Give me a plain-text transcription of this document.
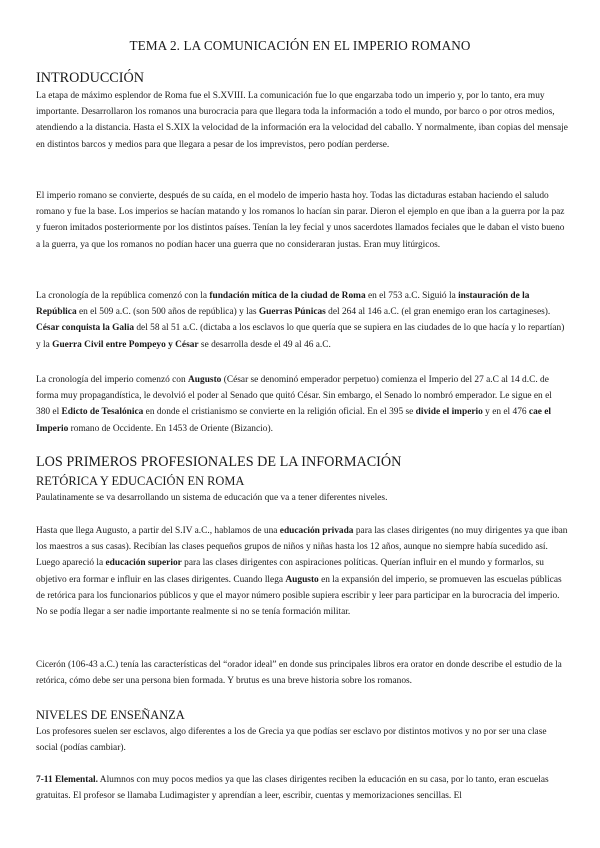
TEMA 2. LA COMUNICACIÓN EN EL IMPERIO ROMANO
INTRODUCCIÓN

La etapa de máximo esplendor de Roma fue el S.XVIII. La comunicación fue lo que engarzaba todo un imperio y, por lo tanto, era muy importante. Desarrollaron los romanos una burocracia para que llegara toda la información a todo el mundo, por barco o por otros medios, atendiendo a la distancia. Hasta el S.XIX la velocidad de la información era la velocidad del caballo. Y normalmente, iban copias del mensaje en distintos barcos y medios para que llegara a pesar de los imprevistos, pero podían perderse.

El imperio romano se convierte, después de su caída, en el modelo de imperio hasta hoy. Todas las dictaduras estaban haciendo el saludo romano y fue la base. Los imperios se hacían matando y los romanos lo hacían sin parar. Dieron el ejemplo en que iban a la guerra por la paz y fueron imitados posteriormente por los distintos países. Tenían la ley fecial y unos sacerdotes llamados feciales que le daban el visto bueno a la guerra, ya que los romanos no podían hacer una guerra que no consideraran justas. Eran muy litúrgicos.

La cronología de la república comenzó con la fundación mítica de la ciudad de Roma en el 753 a.C. Siguió la instauración de la República en el 509 a.C. (son 500 años de república) y las Guerras Púnicas del 264 al 146 a.C. (el gran enemigo eran los cartagineses). César conquista la Galia del 58 al 51 a.C. (dictaba a los esclavos lo que quería que se supiera en las ciudades de lo que hacía y lo repartían) y la Guerra Civil entre Pompeyo y César se desarrolla desde el 49 al 46 a.C.

La cronología del imperio comenzó con Augusto (César se denominó emperador perpetuo) comienza el Imperio del 27 a.C al 14 d.C. de forma muy propagandística, le devolvió el poder al Senado que quitó César. Sin embargo, el Senado lo nombró emperador. Le sigue en el 380 el Edicto de Tesalónica en donde el cristianismo se convierte en la religión oficial. En el 395 se divide el imperio y en el 476 cae el Imperio romano de Occidente. En 1453 de Oriente (Bizancio).

LOS PRIMEROS PROFESIONALES DE LA INFORMACIÓN
RETÓRICA Y EDUCACIÓN EN ROMA

Paulatinamente se va desarrollando un sistema de educación que va a tener diferentes niveles.

Hasta que llega Augusto, a partir del S.IV a.C., hablamos de una educación privada para las clases dirigentes (no muy dirigentes ya que iban los maestros a sus casas). Recibían las clases pequeños grupos de niños y niñas hasta los 12 años, aunque no siempre había sucedido así. Luego apareció la educación superior para las clases dirigentes con aspiraciones políticas. Querían influir en el mundo y formarlos, su objetivo era formar e influir en las clases dirigentes. Cuando llega Augusto en la expansión del imperio, se promueven las escuelas públicas de retórica para los funcionarios públicos y que el mayor número posible supiera escribir y leer para participar en la burocracia del imperio. No se podía llegar a ser nadie importante realmente si no se tenía formación militar.

Cicerón (106-43 a.C.) tenía las características del “orador ideal” en donde sus principales libros era orator en donde describe el estudio de la retórica, cómo debe ser una persona bien formada. Y brutus es una breve historia sobre los romanos.

NIVELES DE ENSEÑANZA

Los profesores suelen ser esclavos, algo diferentes a los de Grecia ya que podías ser esclavo por distintos motivos y no por ser una clase social (podías cambiar).

7-11 Elemental. Alumnos con muy pocos medios ya que las clases dirigentes reciben la educación en su casa, por lo tanto, eran escuelas gratuitas. El profesor se llamaba Ludimagister y aprendían a leer, escribir, cuentas y memorizaciones sencillas. El
